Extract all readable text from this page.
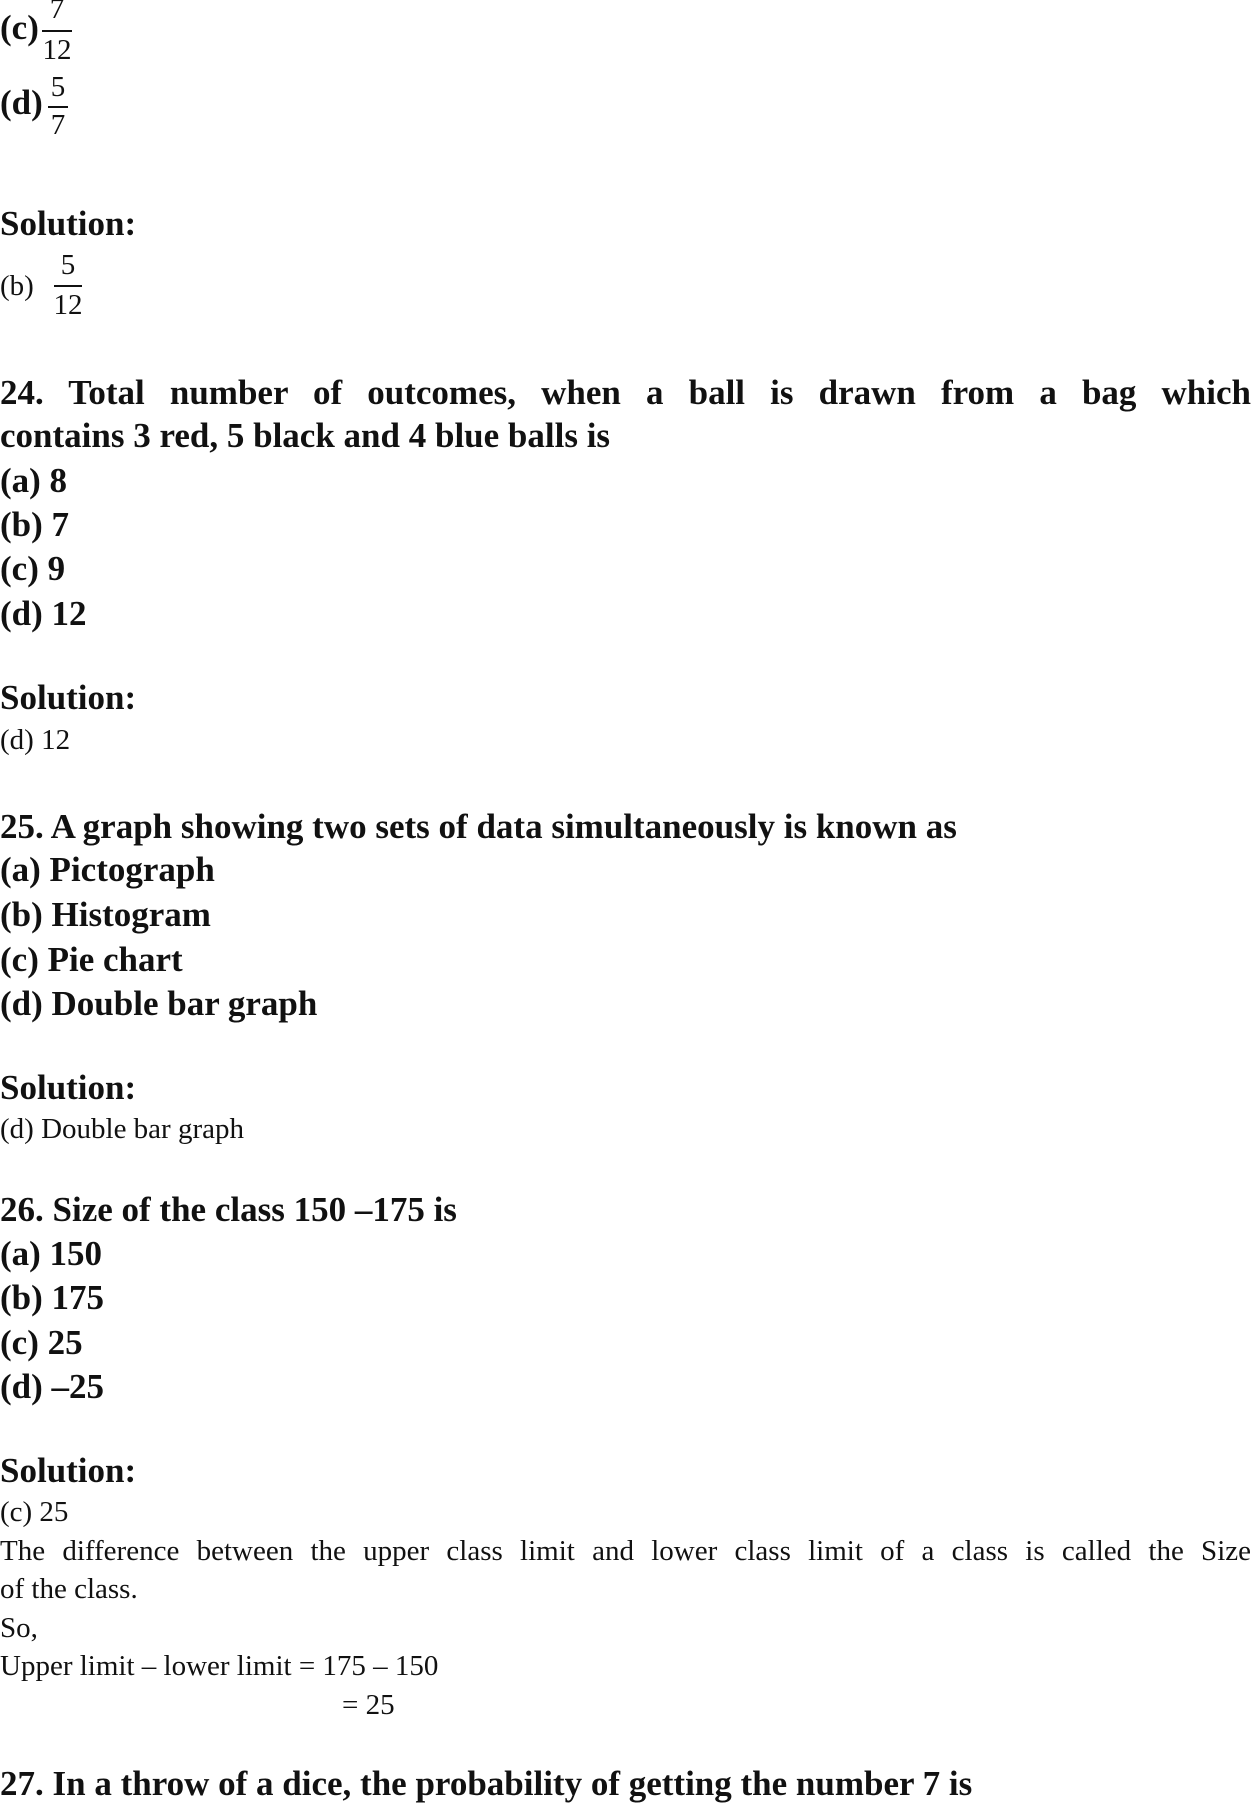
(c) 7
12
(d) 5
7
Solution:
(b)
5
12
24. Total number of outcomes, when a ball is drawn from a bag which
contains 3 red, 5 black and 4 blue balls is
(a) 8
(b) 7
(c) 9
(d) 12
Solution:
(d) 12
25. A graph showing two sets of data simultaneously is known as
(a) Pictograph
(b) Histogram
(c) Pie chart
(d) Double bar graph
Solution:
(d) Double bar graph
26. Size of the class 150 –175 is
(a) 150
(b) 175
(c) 25
(d) –25
Solution:
(c) 25
The difference between the upper class limit and lower class limit of a class is called the Size
of the class.
So,
Upper limit – lower limit = 175 – 150
= 25
27. In a throw of a dice, the probability of getting the number 7 is
